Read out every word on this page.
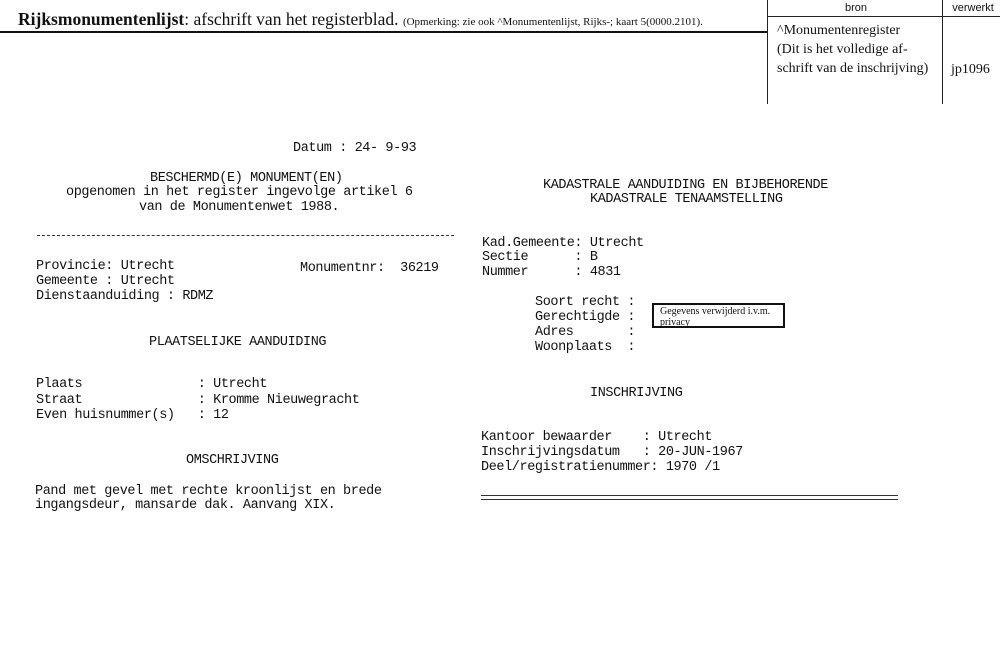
Rijksmonumentenlijst: afschrift van het registerblad. (Opmerking: zie ook ^Monumentenlijst, Rijks-; kaart 5(0000.2101).
bron	verwerkt
^Monumentenregister
(Dit is het volledige af-
schrift van de inschrijving) jp1096
Datum : 24- 9-93
BESCHERMD(E) MONUMENT(EN)
opgenomen in het register ingevolge artikel 6
van de Monumentenwet 1988.
Provincie: Utrecht	Monumentnr:  36219
Gemeente : Utrecht
Dienstaanduiding : RDMZ
PLAATSELIJKE AANDUIDING
Plaats               : Utrecht
Straat               : Kromme Nieuwegracht
Even huisnummer(s)   : 12
OMSCHRIJVING
Pand met gevel met rechte kroonlijst en brede
ingangsdeur, mansarde dak. Aanvang XIX.
KADASTRALE AANDUIDING EN BIJBEHORENDE
KADASTRALE TENAAMSTELLING
Kad.Gemeente: Utrecht
Sectie      : B
Nummer      : 4831
Soort recht :
Gerechtigde :
Adres       :
Woonplaats  :
Gegevens verwijderd i.v.m. privacy
INSCHRIJVING
Kantoor bewaarder    : Utrecht
Inschrijvingsdatum   : 20-JUN-1967
Deel/registratienummer: 1970 /1
